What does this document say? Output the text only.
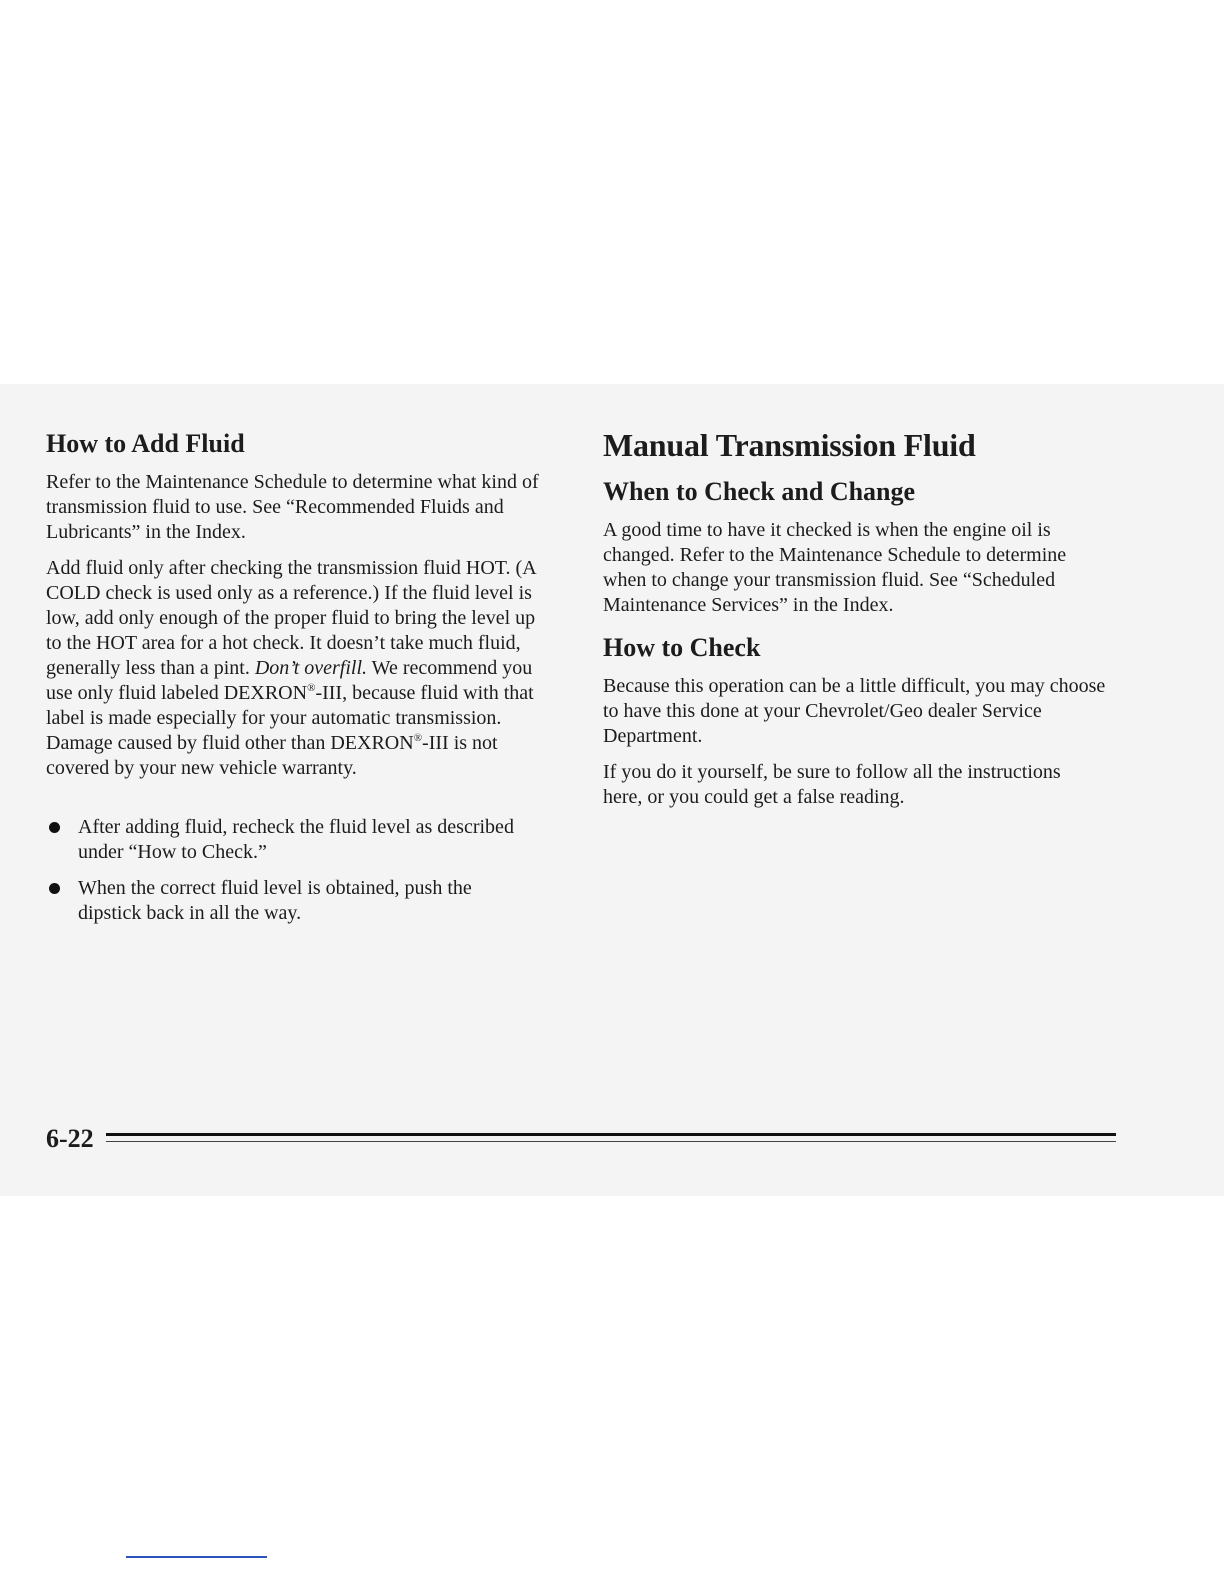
How to Add Fluid

Refer to the Maintenance Schedule to determine what kind of transmission fluid to use. See “Recommended Fluids and Lubricants” in the Index.

Add fluid only after checking the transmission fluid HOT. (A COLD check is used only as a reference.) If the fluid level is low, add only enough of the proper fluid to bring the level up to the HOT area for a hot check. It doesn’t take much fluid, generally less than a pint. Don’t overfill. We recommend you use only fluid labeled DEXRON®-III, because fluid with that label is made especially for your automatic transmission. Damage caused by fluid other than DEXRON®-III is not covered by your new vehicle warranty.

After adding fluid, recheck the fluid level as described under “How to Check.”
When the correct fluid level is obtained, push the dipstick back in all the way.
Manual Transmission Fluid
When to Check and Change

A good time to have it checked is when the engine oil is changed. Refer to the Maintenance Schedule to determine when to change your transmission fluid. See “Scheduled Maintenance Services” in the Index.

How to Check

Because this operation can be a little difficult, you may choose to have this done at your Chevrolet/Geo dealer Service Department.

If you do it yourself, be sure to follow all the instructions here, or you could get a false reading.

6-22
